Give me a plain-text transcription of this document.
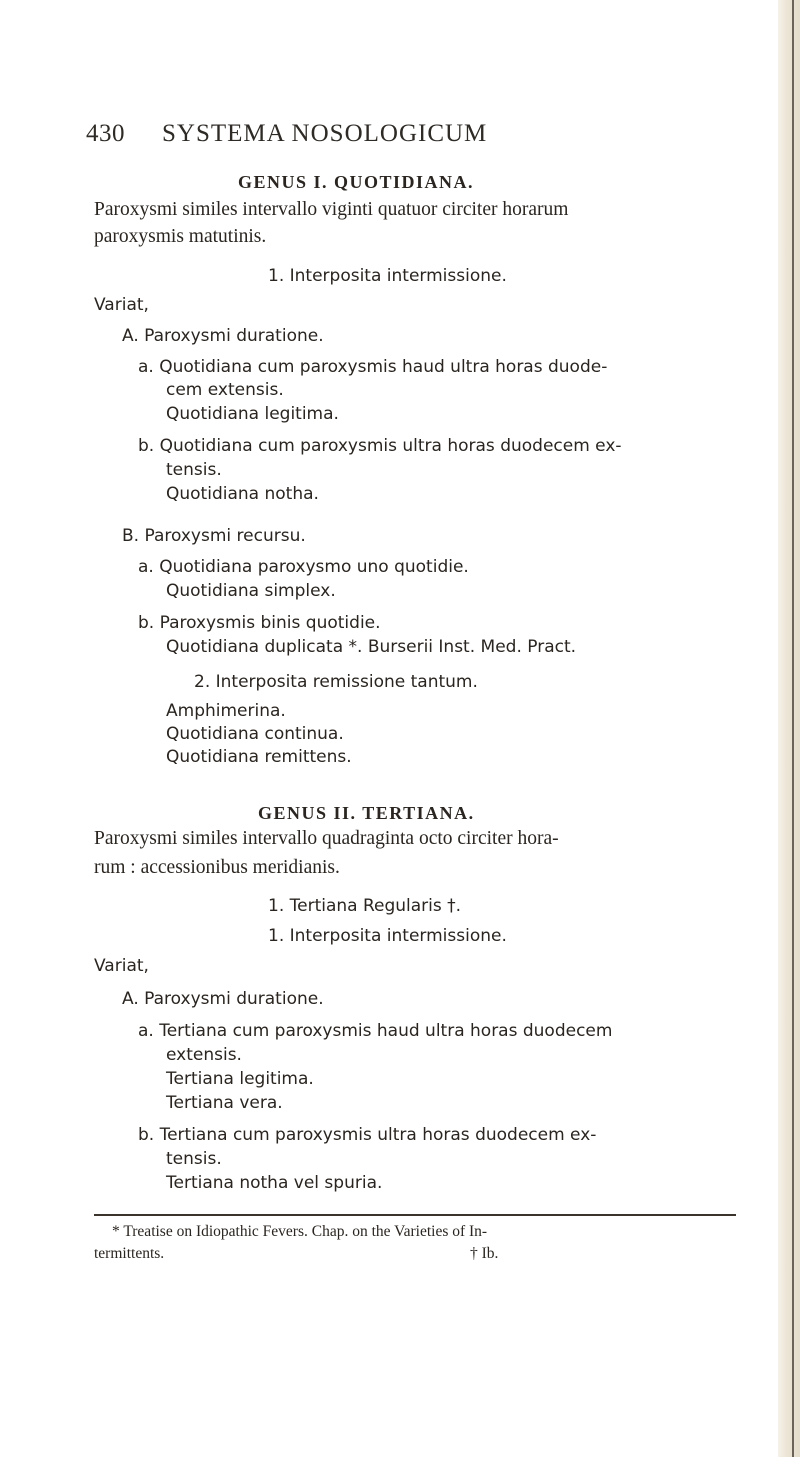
430 SYSTEMA NOSOLOGICUM
GENUS I. QUOTIDIANA.
Paroxysmi similes intervallo viginti quatuor circiter horarum
paroxysmis matutinis.
1. Interposita intermissione.
Variat,
A. Paroxysmi duratione.
a. Quotidiana cum paroxysmis haud ultra horas duode-
cem extensis.
Quotidiana legitima.
b. Quotidiana cum paroxysmis ultra horas duodecem ex-
tensis.
Quotidiana notha.
B. Paroxysmi recursu.
a. Quotidiana paroxysmo uno quotidie.
Quotidiana simplex.
b. Paroxysmis binis quotidie.
Quotidiana duplicata *. Burserii Inst. Med. Pract.
2. Interposita remissione tantum.
Amphimerina.
Quotidiana continua.
Quotidiana remittens.
GENUS II. TERTIANA.
Paroxysmi similes intervallo quadraginta octo circiter hora-
rum : accessionibus meridianis.
1. Tertiana Regularis †.
1. Interposita intermissione.
Variat,
A. Paroxysmi duratione.
a. Tertiana cum paroxysmis haud ultra horas duodecem
extensis.
Tertiana legitima.
Tertiana vera.
b. Tertiana cum paroxysmis ultra horas duodecem ex-
tensis.
Tertiana notha vel spuria.
* Treatise on Idiopathic Fevers. Chap. on the Varieties of In-
termittents.	† Ib.
